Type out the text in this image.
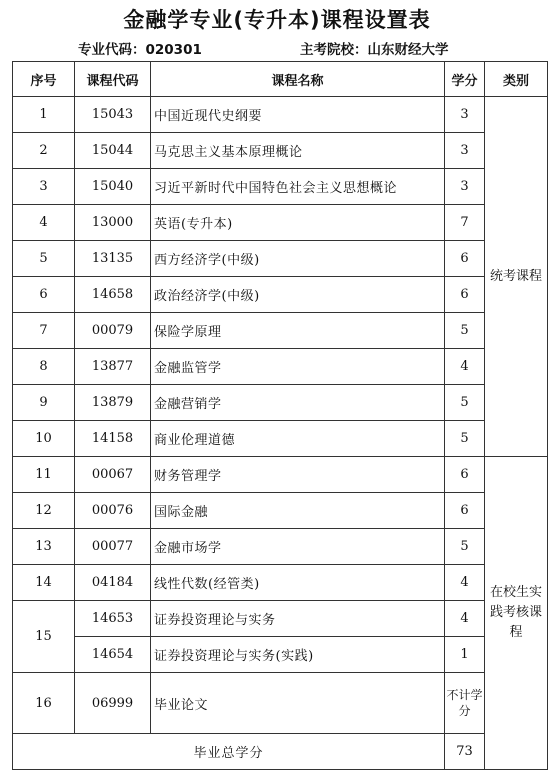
金融学专业(专升本)课程设置表
专业代码：020301	主考院校：山东财经大学
序号	课程代码	课程名称	学分	类别
1	15043	中国近现代史纲要	3	统考课程

2	15044	马克思主义基本原理概论	3	
3	15040	习近平新时代中国特色社会主义思想概论	3	
4	13000	英语(专升本)	7	
5	13135	西方经济学(中级)	6	
6	14658	政治经济学(中级)	6	
7	00079	保险学原理	5	
8	13877	金融监管学	4	
9	13879	金融营销学	5	
10	14158	商业伦理道德	5	
11	00067	财务管理学	6	在校生实践考核课程

12	00076	国际金融	6	
13	00077	金融市场学	5	
14	04184	线性代数(经管类)	4	
15	14653	证券投资理论与实务	4	
	14654	证券投资理论与实务(实践)	1	
16	06999	毕业论文	不计学分	
毕业总学分			73	
